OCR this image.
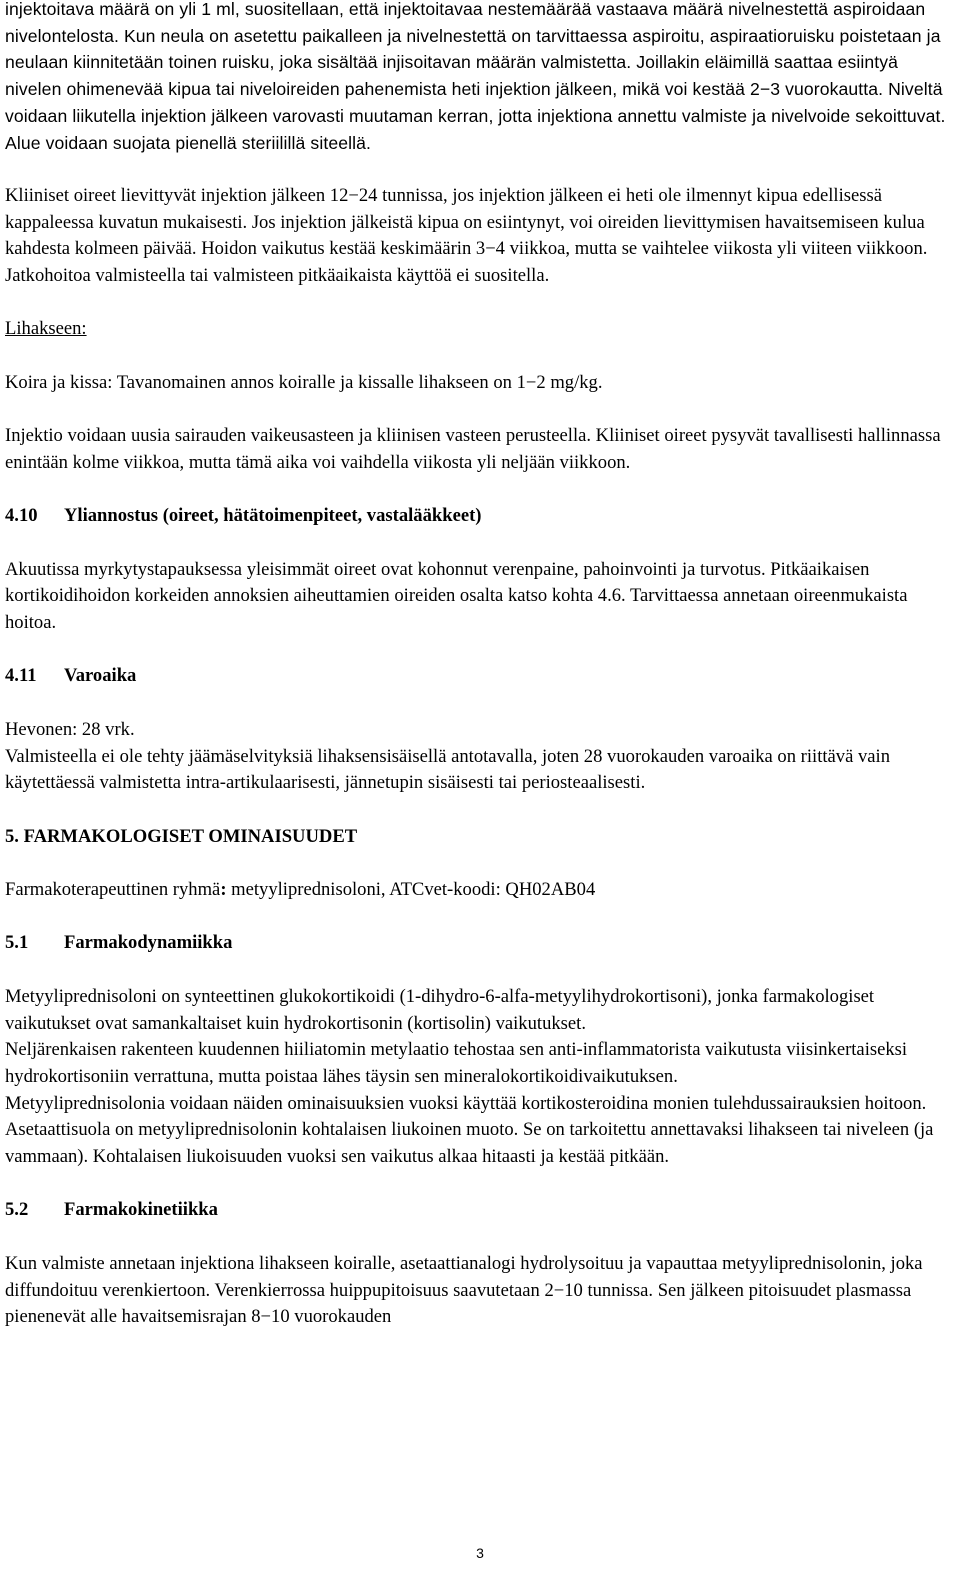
injektoitava määrä on yli 1 ml, suositellaan, että injektoitavaa nestemäärää vastaava määrä nivelnestettä aspiroidaan nivelontelosta. Kun neula on asetettu paikalleen ja nivelnestettä on tarvittaessa aspiroitu, aspiraatioruisku poistetaan ja neulaan kiinnitetään toinen ruisku, joka sisältää injisoitavan määrän valmistetta. Joillakin eläimillä saattaa esiintyä nivelen ohimenevää kipua tai niveloireiden pahenemista heti injektion jälkeen, mikä voi kestää 2−3 vuorokautta. Niveltä voidaan liikutella injektion jälkeen varovasti muutaman kerran, jotta injektiona annettu valmiste ja nivelvoide sekoittuvat. Alue voidaan suojata pienellä steriilillä siteellä.

Kliiniset oireet lievittyvät injektion jälkeen 12−24 tunnissa, jos injektion jälkeen ei heti ole ilmennyt kipua edellisessä kappaleessa kuvatun mukaisesti. Jos injektion jälkeistä kipua on esiintynyt, voi oireiden lievittymisen havaitsemiseen kulua kahdesta kolmeen päivää. Hoidon vaikutus kestää keskimäärin 3−4 viikkoa, mutta se vaihtelee viikosta yli viiteen viikkoon. Jatkohoitoa valmisteella tai valmisteen pitkäaikaista käyttöä ei suositella.

Lihakseen:

Koira ja kissa: Tavanomainen annos koiralle ja kissalle lihakseen on 1−2 mg/kg.

Injektio voidaan uusia sairauden vaikeusasteen ja kliinisen vasteen perusteella. Kliiniset oireet pysyvät tavallisesti hallinnassa enintään kolme viikkoa, mutta tämä aika voi vaihdella viikosta yli neljään viikkoon.

4.10 Yliannostus (oireet, hätätoimenpiteet, vastalääkkeet)

Akuutissa myrkytystapauksessa yleisimmät oireet ovat kohonnut verenpaine, pahoinvointi ja turvotus. Pitkäaikaisen kortikoidihoidon korkeiden annoksien aiheuttamien oireiden osalta katso kohta 4.6. Tarvittaessa annetaan oireenmukaista hoitoa.

4.11 Varoaika

Hevonen: 28 vrk.

Valmisteella ei ole tehty jäämäselvityksiä lihaksensisäisellä antotavalla, joten 28 vuorokauden varoaika on riittävä vain käytettäessä valmistetta intra-artikulaarisesti, jännetupin sisäisesti tai periosteaalisesti.

5. FARMAKOLOGISET OMINAISUUDET

Farmakoterapeuttinen ryhmä: metyyliprednisoloni, ATCvet-koodi: QH02AB04

5.1 Farmakodynamiikka

Metyyliprednisoloni on synteettinen glukokortikoidi (1-dihydro-6-alfa-metyylihydrokortisoni), jonka farmakologiset vaikutukset ovat samankaltaiset kuin hydrokortisonin (kortisolin) vaikutukset.

Neljärenkaisen rakenteen kuudennen hiiliatomin metylaatio tehostaa sen anti-inflammatorista vaikutusta viisinkertaiseksi hydrokortisoniin verrattuna, mutta poistaa lähes täysin sen mineralokortikoidivaikutuksen.

Metyyliprednisolonia voidaan näiden ominaisuuksien vuoksi käyttää kortikosteroidina monien tulehdussairauksien hoitoon. Asetaattisuola on metyyliprednisolonin kohtalaisen liukoinen muoto. Se on tarkoitettu annettavaksi lihakseen tai niveleen (ja vammaan). Kohtalaisen liukoisuuden vuoksi sen vaikutus alkaa hitaasti ja kestää pitkään.

5.2 Farmakokinetiikka

Kun valmiste annetaan injektiona lihakseen koiralle, asetaattianalogi hydrolysoituu ja vapauttaa metyyliprednisolonin, joka diffundoituu verenkiertoon. Verenkierrossa huippupitoisuus saavutetaan 2−10 tunnissa. Sen jälkeen pitoisuudet plasmassa pienenevät alle havaitsemisrajan 8−10 vuorokauden

3
